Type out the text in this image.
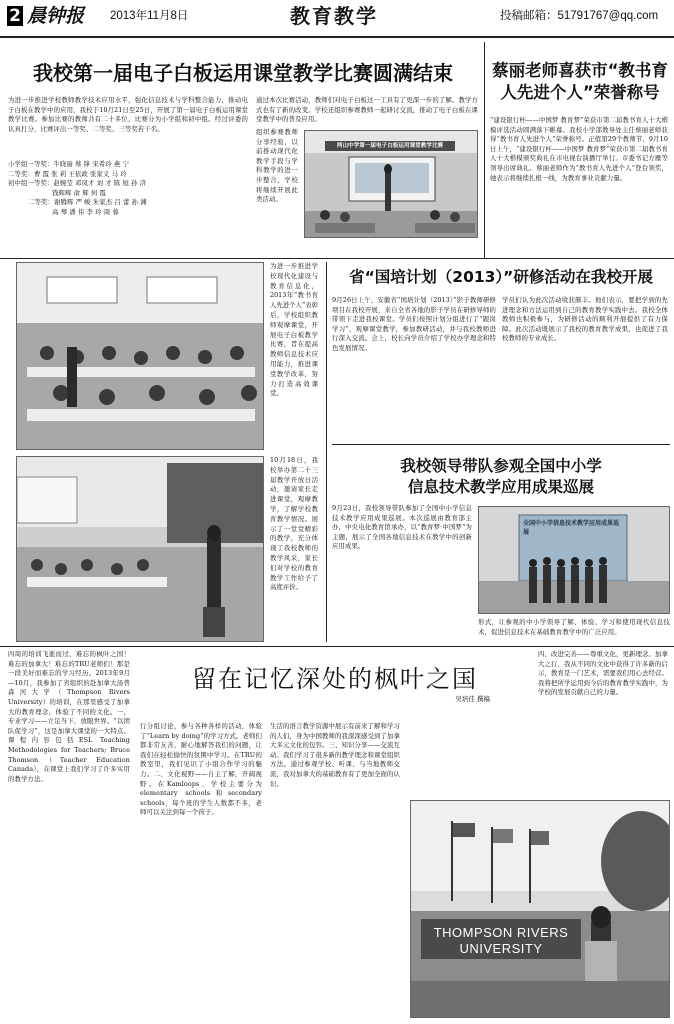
2 晨钟报 2013年11月8日	教育教学	投稿邮箱：51791767@qq.com
我校第一届电子白板运用课堂教学比赛圆满结束
为进一步推进学校教师教学技术应用水平，强化信息技术与学科整合能力，推动电子白板在教学中的应用，我校于10月21日至25日，开展了第一届电子白板运用课堂教学比赛。参加比赛的教师共有二十多位，比赛分为小学组和初中组。经过评委的认真打分，比赛评出一等奖、二等奖、三等奖若干名。
小学组一等奖：牛晓丽 蔡 锋 宋希玲 燕 宁
二等奖：曹 霞 张 莉 王依政 张家义 马 玲
初中组一等奖：赵婉莹 邓凤才 刘 才 陈 旭 孙 济
钱辉辉 俞 辉 何 霞
二等奖：谢腾辉 严 峻 朱家杰 吕 蕾 孙 渊
高 琴 潘 伟 李 玲 周 蓉
通过本次比赛活动，教师们对电子白板这一工具有了更深一步的了解。教学方式也有了新的改变。学校还组织参赛教师一起研讨交流，推动了电子白板在课堂教学中的普及应用。
组织参赛教师分享经验，以前推动现代化教学手段与学科教学的进一步整合，学校将继续开展此类活动。
两山中学第一届电子白板运用课堂教学比赛
蔡丽老师喜获市“教书育
人先进个人”荣誉称号
“建设银行杯——中国梦 教育梦”荣获市第二届教书育人十大楷模评选活动圆满落下帷幕。我校小学部教导处主任蔡丽老师获得“教书育人先进个人”荣誉称号。正值第29个教师节，9月10日上午，“建设银行杯——中国梦 教育梦”荣获市第二届教书育人十大楷模颁奖典礼在市电视台演播厅举行。市委书记方雁等领导出席典礼。蔡丽老师作为“教书育人先进个人”登台领奖，她表示将继续扎根一线，为教育事业贡献力量。
为进一步推进学校现代化建设与教育信息化，2013年“教书育人先进个人”表彰后，学校组织教师观摩课堂，开展电子白板教学比赛，旨在提高教师信息技术应用能力，推进课堂教学改革，努力打造高效课堂。
10月18日，我校举办第二十三届教学开放日活动，邀请家长走进课堂，观摩教学，了解学校教育教学情况。展示了一堂堂精彩的教学，充分体现了我校教师的教学风采，家长们对学校的教育教学工作给予了高度评价。
省“国培计划（2013）”研修活动在我校开展
9月26日上午，安徽省“国培计划（2013）”影子教师研修项目在我校开展，来自全省各地的影子学员在研修导师的带领下走进我校课堂。学员们按照计划分组进行了“跟岗学习”，观摩课堂教学，参加教研活动，并与我校教师进行深入交流。会上，校长向学员介绍了学校办学理念和特色发展情况。
学员们认为此次活动收获颇丰。他们表示，要把学到的先进理念和方法运用到自己的教育教学实践中去。我校全体教师也积极参与，为研修活动的顺利开展提供了有力保障。此次活动既展示了我校的教育教学成果，也促进了我校教师的专业成长。
我校领导带队参观全国中小学
信息技术教学应用成果巡展
9月23日，我校领导带队参加了全国中小学信息技术教学应用成果巡展。本次巡展由教育部主办，中央电化教育馆承办，以“教育梦·中国梦”为主题，展示了全国各地信息技术在教学中的创新应用成果。
全国中小学信息技术教学应用成果巡展
形式，让参观的中小学领导了解、体验、学习和使用现代信息技术，促进信息技术在基础教育教学中的广泛应用。
四周的培训飞逝而过，难忘的枫叶之国！难忘的加拿大！难忘的TRU老师们！那是一段美好而难忘的学习经历。2013年9月—10月，我参加了省组织的赴加拿大汤普森河大学（Thompson Rivers University）的培训，在那里感受了加拿大的教育理念，体验了不同的文化。一、专业学习——立足当下，放眼世界。“以团队促学习”，这是加拿大课堂的一大特点。课程内容包括ESL Teaching Methodologies for Teachers; Bruce Thomson（Teacher Education Canada），在课堂上我们学习了许多实用的教学方法。
留在记忆深处的枫叶之国
吴培佳 撰稿
行分组讨论，参与各种各样的活动，体验了“Learn by doing”的学习方式。老师们都非常友善，耐心地解答我们的问题，让我们在轻松愉快的氛围中学习。在TRU的教室里，我们见识了小组合作学习的魅力。二、文化视野——自主了解，开阔视野。在Kamloops，学校主要分为elementary schools和secondary schools，每个班的学生人数都不多，老师可以关注到每一个孩子。
生活的语言教学资源中展示有前来了解和学习的人们，身为中国教师的我深深感受到了加拿大多元文化的包容。三、知识分享——交流互动。我们学习了很多新的教学理念和课堂组织方法。通过参观学校、听课、与当地教师交流，我对加拿大的基础教育有了更加全面的认识。
四、改进完善——尊重文化，更新理念。加拿大之行，我从不同的文化中获得了许多新的启示，教育是一门艺术，需要我们用心去经营。我将把所学运用到今后的教育教学实践中，为学校的发展贡献自己的力量。
THOMPSON RIVERS
UNIVERSITY
